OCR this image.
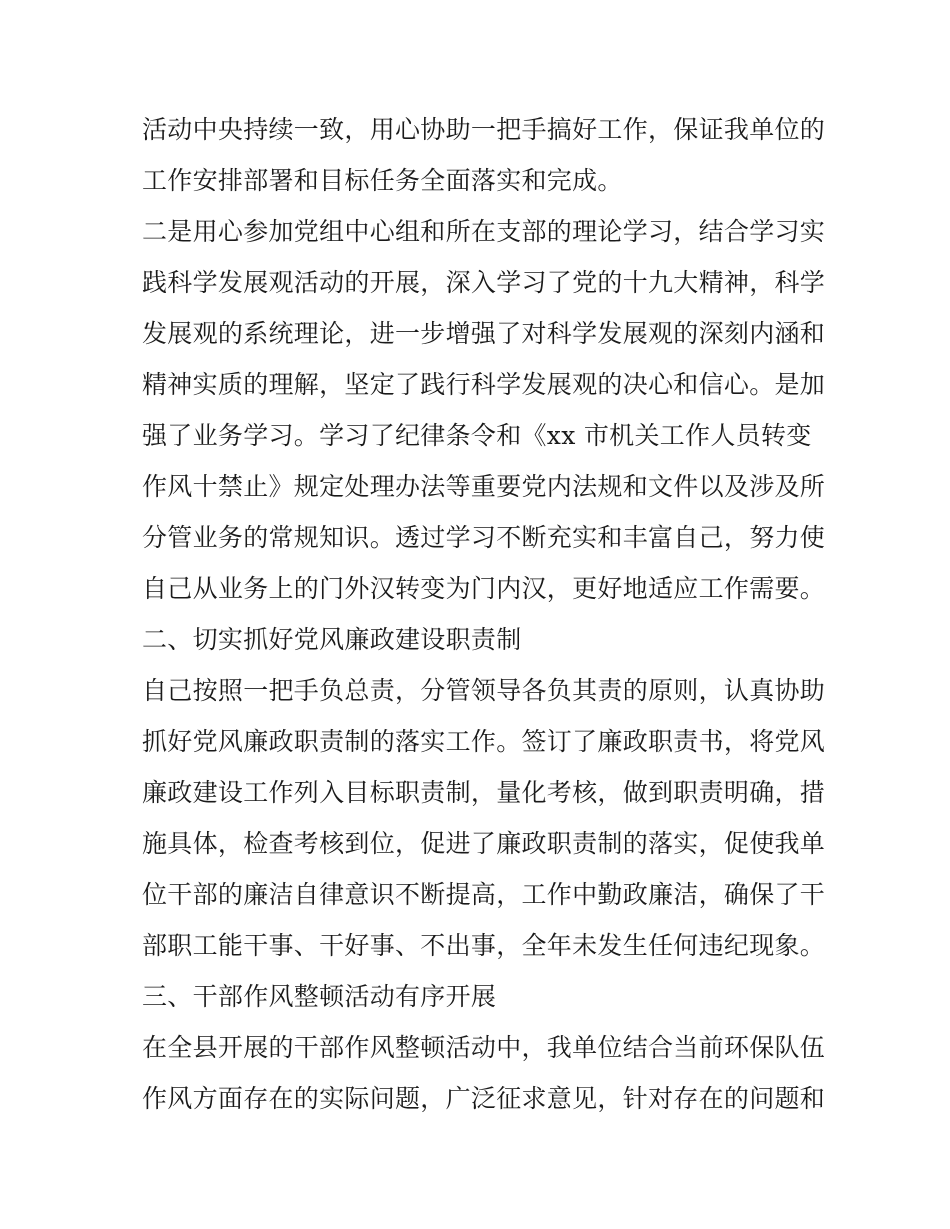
活动中央持续一致，用心协助一把手搞好工作，保证我单位的
工作安排部署和目标任务全面落实和完成。
二是用心参加党组中心组和所在支部的理论学习，结合学习实
践科学发展观活动的开展，深入学习了党的十九大精神，科学
发展观的系统理论，进一步增强了对科学发展观的深刻内涵和
精神实质的理解，坚定了践行科学发展观的决心和信心。是加
强了业务学习。学习了纪律条令和《xx 市机关工作人员转变
作风十禁止》规定处理办法等重要党内法规和文件以及涉及所
分管业务的常规知识。透过学习不断充实和丰富自己，努力使
自己从业务上的门外汉转变为门内汉，更好地适应工作需要。
二、切实抓好党风廉政建设职责制
自己按照一把手负总责，分管领导各负其责的原则，认真协助
抓好党风廉政职责制的落实工作。签订了廉政职责书，将党风
廉政建设工作列入目标职责制，量化考核，做到职责明确，措
施具体，检查考核到位，促进了廉政职责制的落实，促使我单
位干部的廉洁自律意识不断提高，工作中勤政廉洁，确保了干
部职工能干事、干好事、不出事，全年未发生任何违纪现象。
三、干部作风整顿活动有序开展
在全县开展的干部作风整顿活动中，我单位结合当前环保队伍
作风方面存在的实际问题，广泛征求意见，针对存在的问题和
